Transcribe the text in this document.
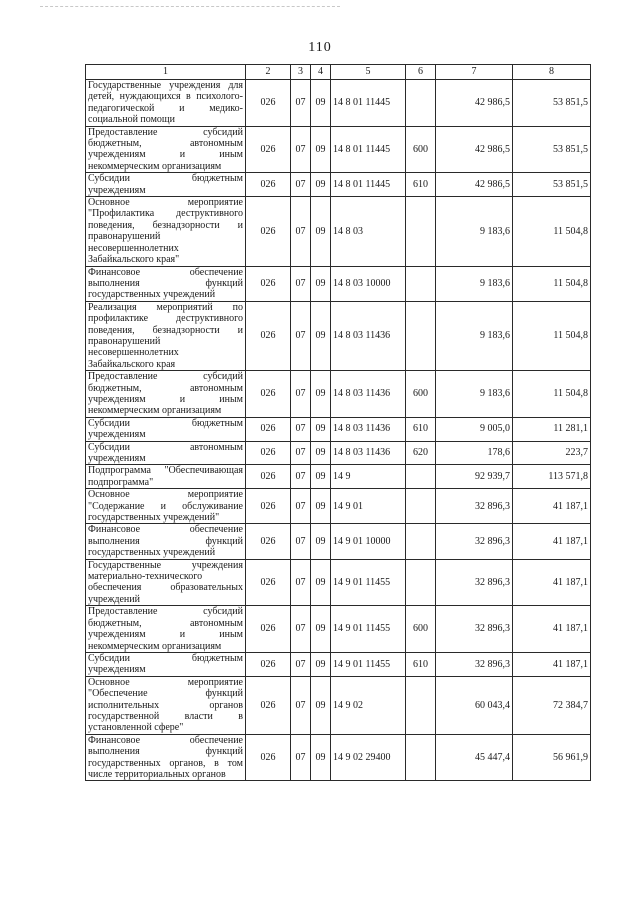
110
1	2	3	4	5	6	7	8
Государственные учреждения для детей, нуждающихся в психолого-педагогической и медико-социальной помощи	026	07	09	14 8 01 11445		42 986,5	53 851,5
Предоставление субсидий бюджетным, автономным учреждениям и иным некоммерческим организациям	026	07	09	14 8 01 11445	600	42 986,5	53 851,5
Субсидии бюджетным учреждениям	026	07	09	14 8 01 11445	610	42 986,5	53 851,5
Основное мероприятие "Профилактика деструктивного поведения, безнадзорности и правонарушений несовершеннолетних Забайкальского края"	026	07	09	14 8 03		9 183,6	11 504,8
Финансовое обеспечение выполнения функций государственных учреждений	026	07	09	14 8 03 10000		9 183,6	11 504,8
Реализация мероприятий по профилактике деструктивного поведения, безнадзорности и правонарушений несовершеннолетних Забайкальского края	026	07	09	14 8 03 11436		9 183,6	11 504,8
Предоставление субсидий бюджетным, автономным учреждениям и иным некоммерческим организациям	026	07	09	14 8 03 11436	600	9 183,6	11 504,8
Субсидии бюджетным учреждениям	026	07	09	14 8 03 11436	610	9 005,0	11 281,1
Субсидии автономным учреждениям	026	07	09	14 8 03 11436	620	178,6	223,7
Подпрограмма "Обеспечивающая подпрограмма"	026	07	09	14 9		92 939,7	113 571,8
Основное мероприятие "Содержание и обслуживание государственных учреждений"	026	07	09	14 9 01		32 896,3	41 187,1
Финансовое обеспечение выполнения функций государственных учреждений	026	07	09	14 9 01 10000		32 896,3	41 187,1
Государственные учреждения материально-технического обеспечения образовательных учреждений	026	07	09	14 9 01 11455		32 896,3	41 187,1
Предоставление субсидий бюджетным, автономным учреждениям и иным некоммерческим организациям	026	07	09	14 9 01 11455	600	32 896,3	41 187,1
Субсидии бюджетным учреждениям	026	07	09	14 9 01 11455	610	32 896,3	41 187,1
Основное мероприятие "Обеспечение функций исполнительных органов государственной власти в установленной сфере"	026	07	09	14 9 02		60 043,4	72 384,7
Финансовое обеспечение выполнения функций государственных органов, в том числе территориальных органов	026	07	09	14 9 02 29400		45 447,4	56 961,9
